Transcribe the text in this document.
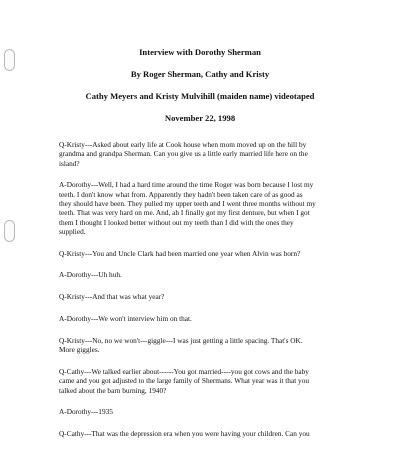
Interview with Dorothy Sherman
By Roger Sherman, Cathy and Kristy
Cathy Meyers and Kristy Mulvihill (maiden name) videotaped
November 22, 1998
Q-Kristy---Asked about early life at Cook house when mom moved up on the hill by
grandma and grandpa Sherman. Can you give us a little early married life here on the
island?
A-Dorothy---Well, I had a hard time around the time Roger was born because I lost my
teeth. I don't know what from. Apparently they hadn't been taken care of as good as
they should have been. They pulled my upper teeth and I went three months without my
teeth. That was very hard on me. And, ah I finally got my first denture, but when I got
them I thought I looked better without out my teeth than I did with the ones they
supplied.
Q-Kristy---You and Uncle Clark had been married one year when Alvin was born?
A-Dorothy---Uh huh.
Q-Kristy---And that was what year?
A-Dorothy---We won't interview him on that.
Q-Kristy---No, no we won't---giggle---I was just getting a little spacing. That's OK.
More giggles.
Q-Cathy---We talked earlier about------You got married----you got cows and the baby
came and you got adjusted to the large family of Shermans. What year was it that you
talked about the barn burning, 1940?
A-Dorothy---1935
Q-Cathy---That was the depression era when you were having your children. Can you
